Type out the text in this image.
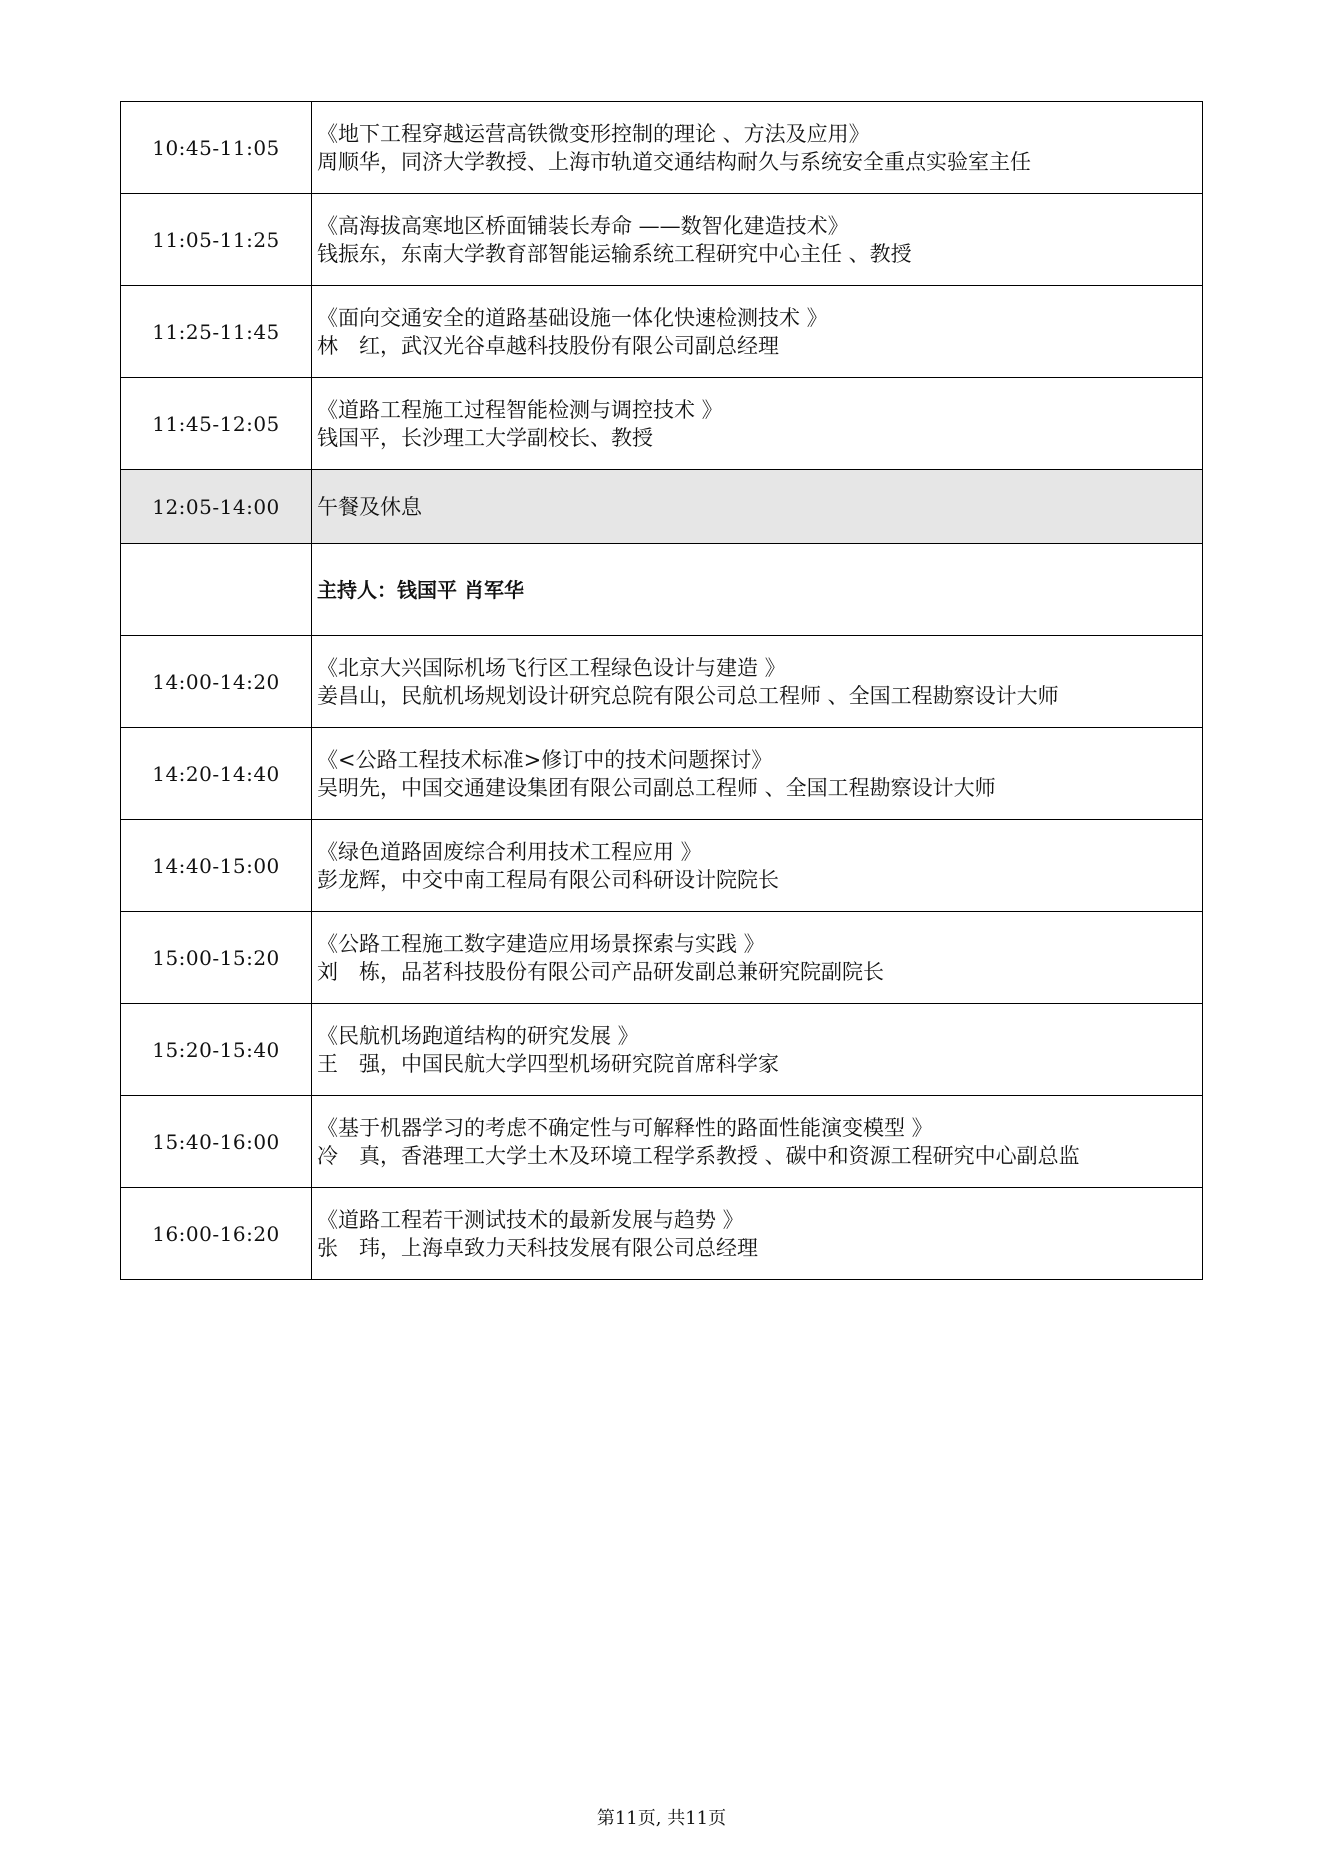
10:45-11:05	《地下工程穿越运营高铁微变形控制的理论 、方法及应用》
周顺华，同济大学教授、上海市轨道交通结构耐久与系统安全重点实验室主任

11:05-11:25	《高海拔高寒地区桥面铺装长寿命 ——数智化建造技术》
钱振东，东南大学教育部智能运输系统工程研究中心主任 、教授

11:25-11:45	《面向交通安全的道路基础设施一体化快速检测技术 》
林　红，武汉光谷卓越科技股份有限公司副总经理

11:45-12:05	《道路工程施工过程智能检测与调控技术 》
钱国平，长沙理工大学副校长、教授

12:05-14:00	午餐及休息
	主持人：钱国平 肖军华
14:00-14:20	《北京大兴国际机场飞行区工程绿色设计与建造 》
姜昌山，民航机场规划设计研究总院有限公司总工程师 、全国工程勘察设计大师

14:20-14:40	《<公路工程技术标准>修订中的技术问题探讨》
吴明先，中国交通建设集团有限公司副总工程师 、全国工程勘察设计大师

14:40-15:00	《绿色道路固废综合利用技术工程应用 》
彭龙辉，中交中南工程局有限公司科研设计院院长

15:00-15:20	《公路工程施工数字建造应用场景探索与实践 》
刘　栋，品茗科技股份有限公司产品研发副总兼研究院副院长

15:20-15:40	《民航机场跑道结构的研究发展 》
王　强，中国民航大学四型机场研究院首席科学家

15:40-16:00	《基于机器学习的考虑不确定性与可解释性的路面性能演变模型 》
冷　真，香港理工大学土木及环境工程学系教授 、碳中和资源工程研究中心副总监

16:00-16:20	《道路工程若干测试技术的最新发展与趋势 》
张　玮，上海卓致力天科技发展有限公司总经理
第11页, 共11页
